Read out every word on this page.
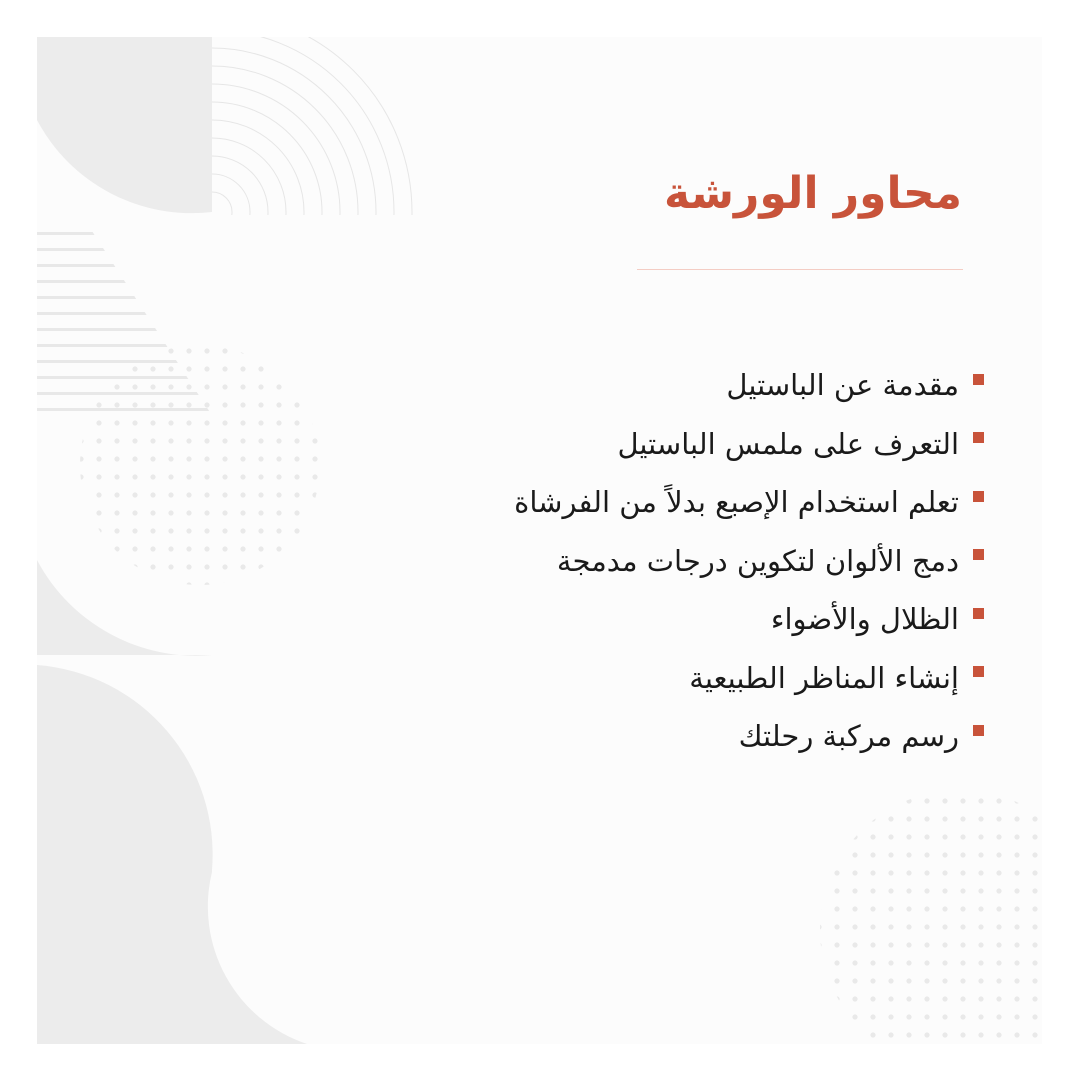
محاور الورشة
مقدمة عن الباستيل
التعرف على ملمس الباستيل
تعلم استخدام الإصبع بدلاً من الفرشاة
دمج الألوان لتكوين درجات مدمجة
الظلال والأضواء
إنشاء المناظر الطبيعية
رسم مركبة رحلتك
